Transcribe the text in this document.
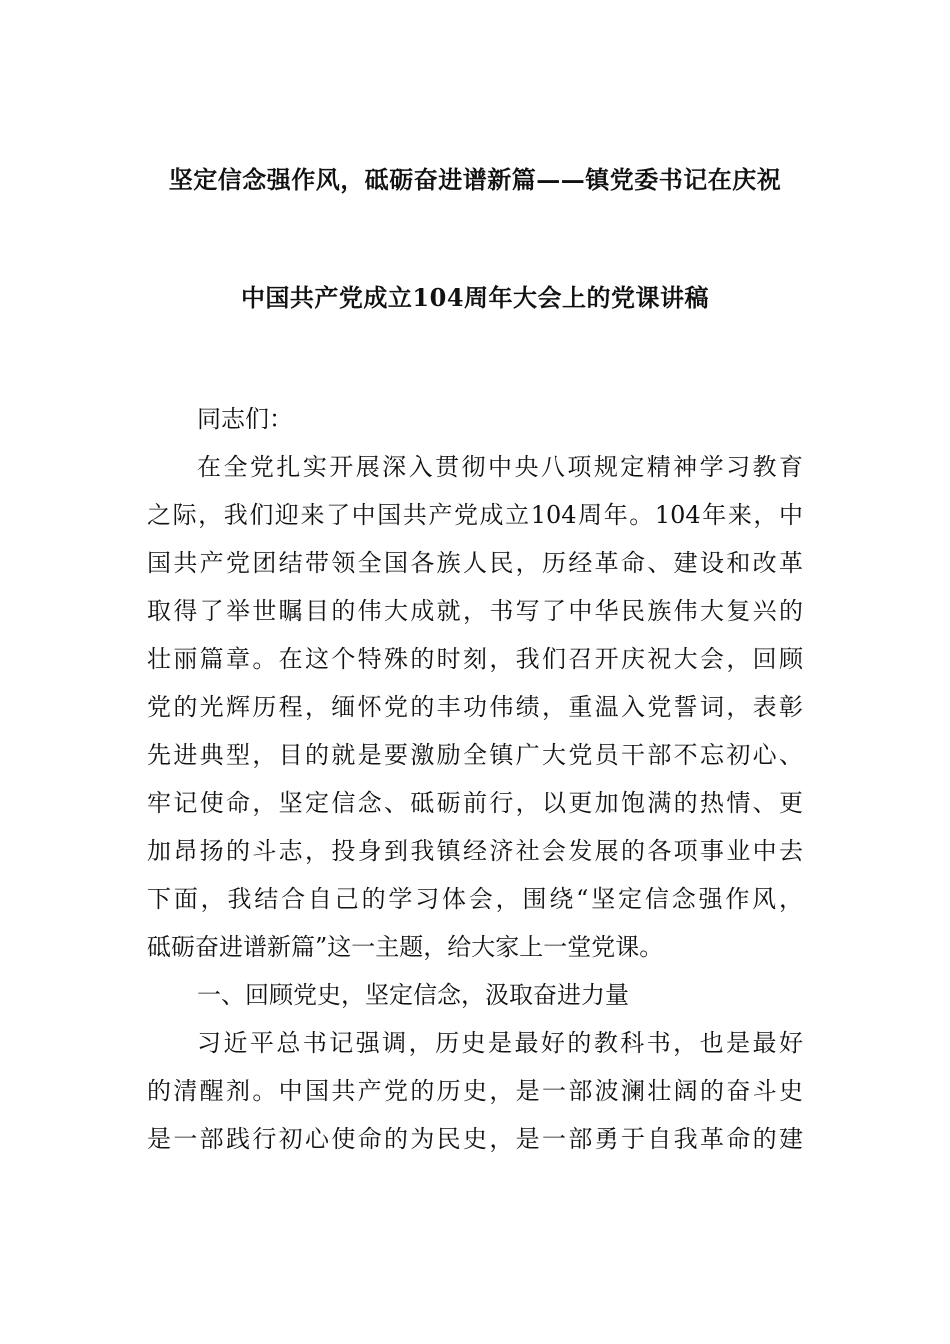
坚定信念强作风，砥砺奋进谱新篇——镇党委书记在庆祝
中国共产党成立104周年大会上的党课讲稿
同志们：
在全党扎实开展深入贯彻中央八项规定精神学习教育
之际，我们迎来了中国共产党成立104周年。104年来，中
国共产党团结带领全国各族人民，历经革命、建设和改革
取得了举世瞩目的伟大成就，书写了中华民族伟大复兴的
壮丽篇章。在这个特殊的时刻，我们召开庆祝大会，回顾
党的光辉历程，缅怀党的丰功伟绩，重温入党誓词，表彰
先进典型，目的就是要激励全镇广大党员干部不忘初心、
牢记使命，坚定信念、砥砺前行，以更加饱满的热情、更
加昂扬的斗志，投身到我镇经济社会发展的各项事业中去
下面，我结合自己的学习体会，围绕“坚定信念强作风，
砥砺奋进谱新篇”这一主题，给大家上一堂党课。
一、回顾党史，坚定信念，汲取奋进力量
习近平总书记强调，历史是最好的教科书，也是最好
的清醒剂。中国共产党的历史，是一部波澜壮阔的奋斗史
是一部践行初心使命的为民史，是一部勇于自我革命的建
